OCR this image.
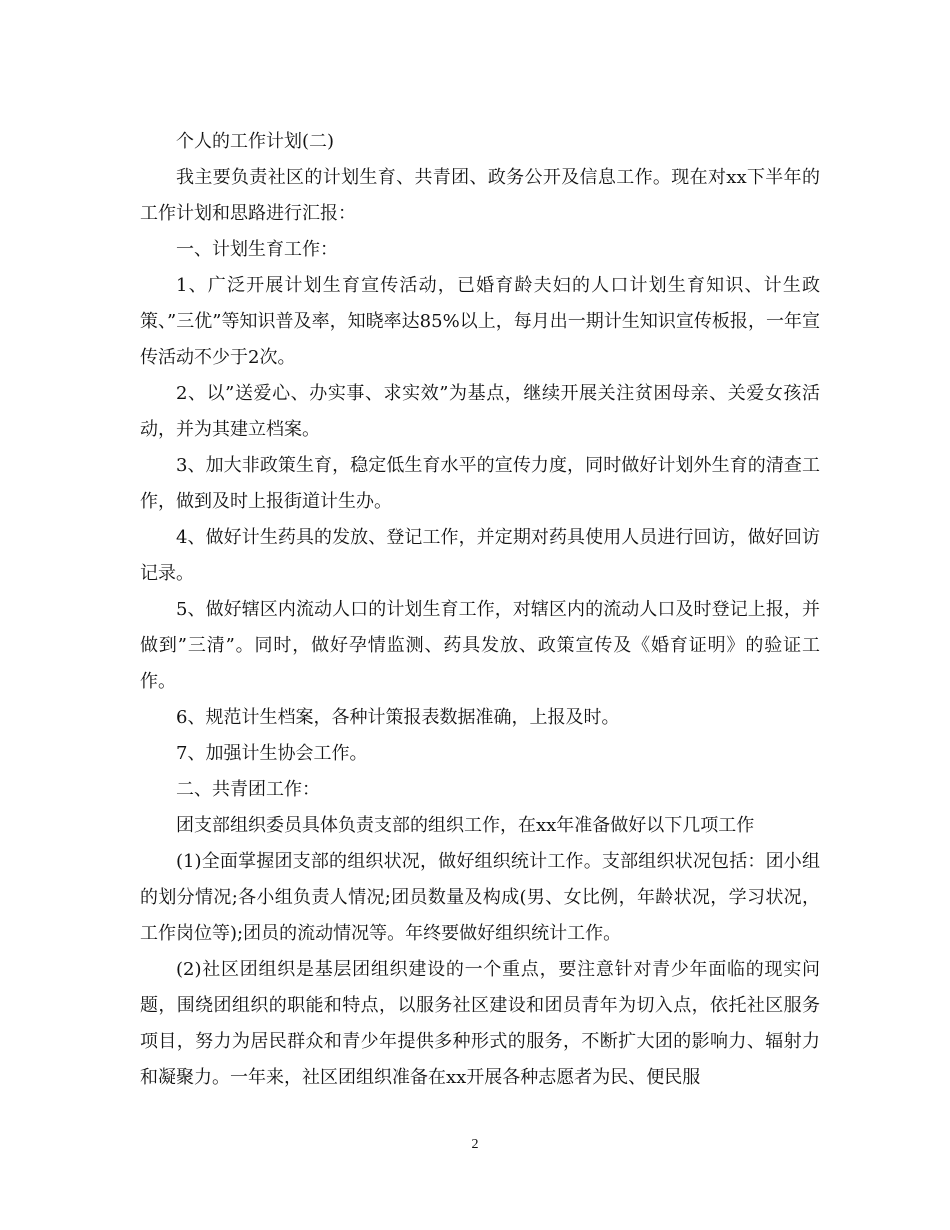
个人的工作计划(二)

我主要负责社区的计划生育、共青团、政务公开及信息工作。现在对xx下半年的工作计划和思路进行汇报：

一、计划生育工作：

1、广泛开展计划生育宣传活动，已婚育龄夫妇的人口计划生育知识、计生政策、”三优”等知识普及率，知晓率达85%以上，每月出一期计生知识宣传板报，一年宣传活动不少于2次。

2、以”送爱心、办实事、求实效”为基点，继续开展关注贫困母亲、关爱女孩活动，并为其建立档案。

3、加大非政策生育，稳定低生育水平的宣传力度，同时做好计划外生育的清查工作，做到及时上报街道计生办。

4、做好计生药具的发放、登记工作，并定期对药具使用人员进行回访，做好回访记录。

5、做好辖区内流动人口的计划生育工作，对辖区内的流动人口及时登记上报，并做到”三清”。同时，做好孕情监测、药具发放、政策宣传及《婚育证明》的验证工作。

6、规范计生档案，各种计策报表数据准确，上报及时。

7、加强计生协会工作。

二、共青团工作：

团支部组织委员具体负责支部的组织工作，在xx年准备做好以下几项工作

(1)全面掌握团支部的组织状况，做好组织统计工作。支部组织状况包括：团小组的划分情况;各小组负责人情况;团员数量及构成(男、女比例，年龄状况，学习状况，工作岗位等);团员的流动情况等。年终要做好组织统计工作。

(2)社区团组织是基层团组织建设的一个重点，要注意针对青少年面临的现实问题，围绕团组织的职能和特点，以服务社区建设和团员青年为切入点，依托社区服务项目，努力为居民群众和青少年提供多种形式的服务，不断扩大团的影响力、辐射力和凝聚力。一年来，社区团组织准备在xx开展各种志愿者为民、便民服

2
